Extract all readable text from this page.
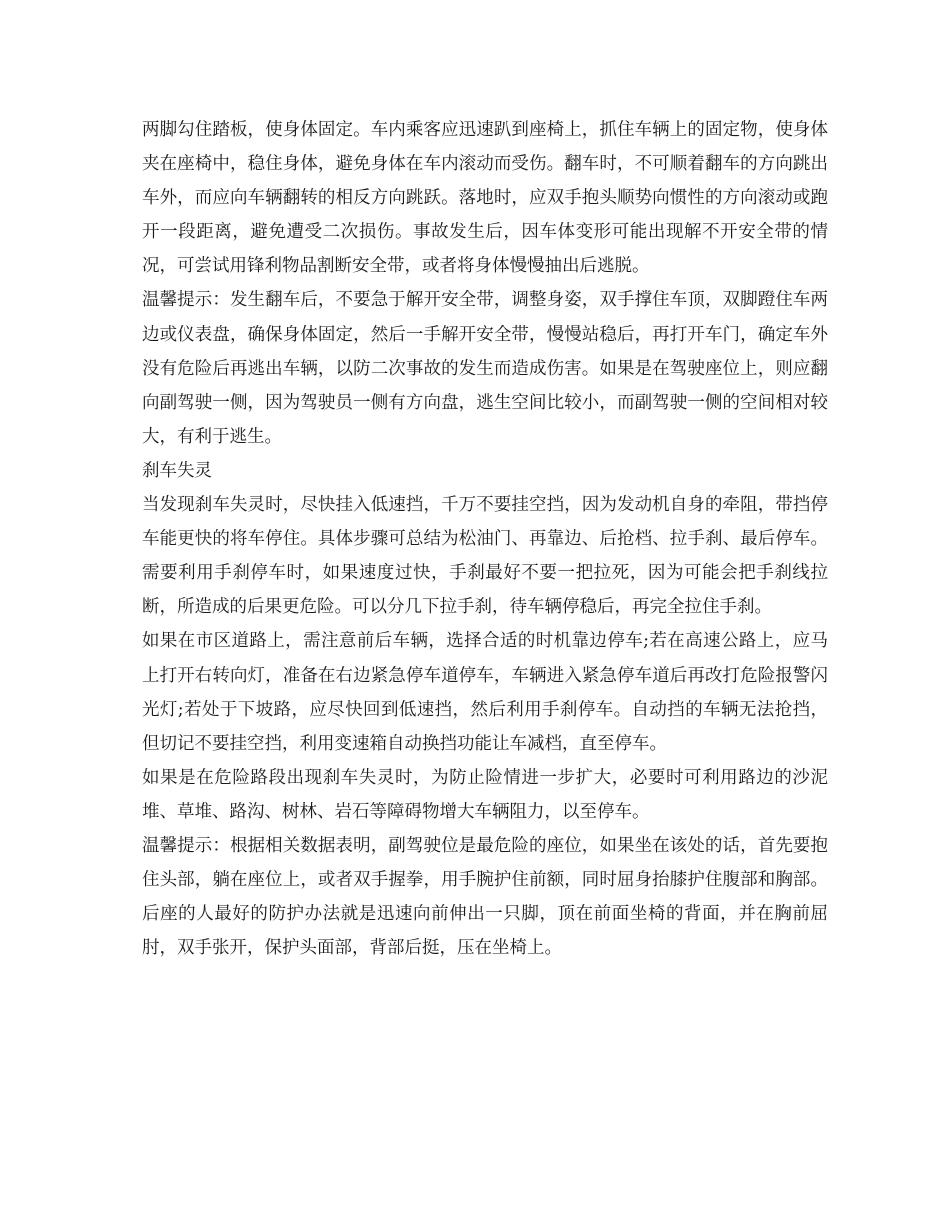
两脚勾住踏板，使身体固定。车内乘客应迅速趴到座椅上，抓住车辆上的固定物，使身体夹在座椅中，稳住身体，避免身体在车内滚动而受伤。翻车时，不可顺着翻车的方向跳出车外，而应向车辆翻转的相反方向跳跃。落地时，应双手抱头顺势向惯性的方向滚动或跑开一段距离，避免遭受二次损伤。事故发生后，因车体变形可能出现解不开安全带的情况，可尝试用锋利物品割断安全带，或者将身体慢慢抽出后逃脱。

温馨提示：发生翻车后，不要急于解开安全带，调整身姿，双手撑住车顶，双脚蹬住车两边或仪表盘，确保身体固定，然后一手解开安全带，慢慢站稳后，再打开车门，确定车外没有危险后再逃出车辆，以防二次事故的发生而造成伤害。如果是在驾驶座位上，则应翻向副驾驶一侧，因为驾驶员一侧有方向盘，逃生空间比较小，而副驾驶一侧的空间相对较大，有利于逃生。

刹车失灵

当发现刹车失灵时，尽快挂入低速挡，千万不要挂空挡，因为发动机自身的牵阻，带挡停车能更快的将车停住。具体步骤可总结为松油门、再靠边、后抢档、拉手刹、最后停车。需要利用手刹停车时，如果速度过快，手刹最好不要一把拉死，因为可能会把手刹线拉断，所造成的后果更危险。可以分几下拉手刹，待车辆停稳后，再完全拉住手刹。

如果在市区道路上，需注意前后车辆，选择合适的时机靠边停车;若在高速公路上，应马上打开右转向灯，准备在右边紧急停车道停车，车辆进入紧急停车道后再改打危险报警闪光灯;若处于下坡路，应尽快回到低速挡，然后利用手刹停车。自动挡的车辆无法抢挡，但切记不要挂空挡，利用变速箱自动换挡功能让车减档，直至停车。

如果是在危险路段出现刹车失灵时，为防止险情进一步扩大，必要时可利用路边的沙泥堆、草堆、路沟、树林、岩石等障碍物增大车辆阻力，以至停车。

温馨提示：根据相关数据表明，副驾驶位是最危险的座位，如果坐在该处的话，首先要抱住头部，躺在座位上，或者双手握拳，用手腕护住前额，同时屈身抬膝护住腹部和胸部。后座的人最好的防护办法就是迅速向前伸出一只脚，顶在前面坐椅的背面，并在胸前屈肘，双手张开，保护头面部，背部后挺，压在坐椅上。
